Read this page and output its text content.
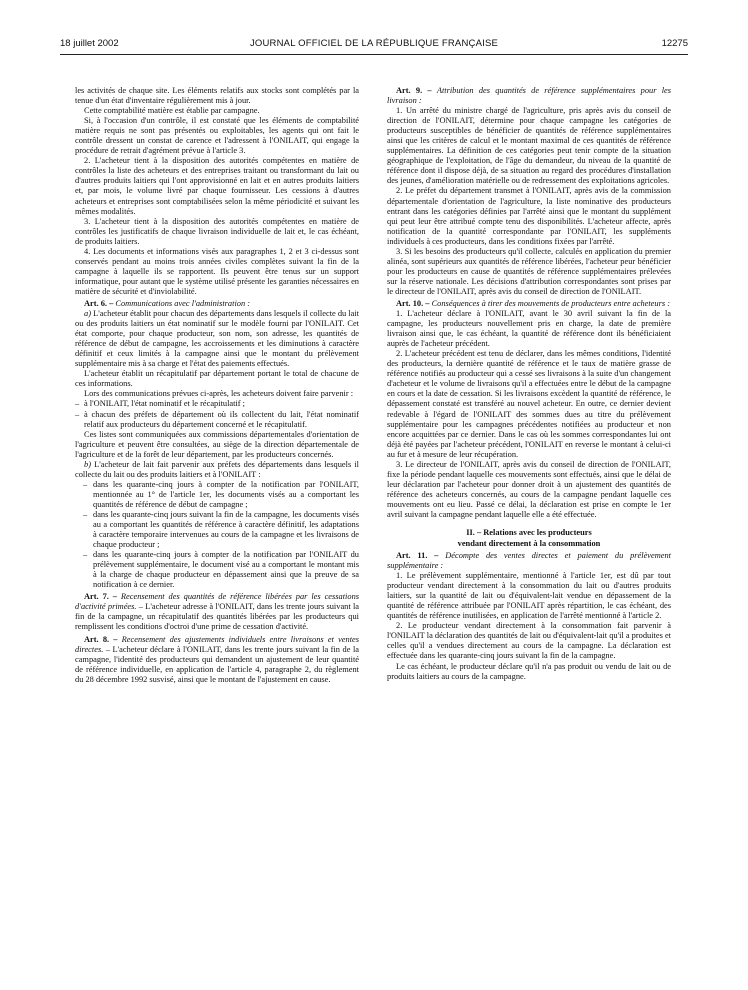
18 juillet 2002	JOURNAL OFFICIEL DE LA RÉPUBLIQUE FRANÇAISE	12275

les activités de chaque site. Les éléments relatifs aux stocks sont complétés par la tenue d'un état d'inventaire régulièrement mis à jour.

Cette comptabilité matière est établie par campagne.

Si, à l'occasion d'un contrôle, il est constaté que les éléments de comptabilité matière requis ne sont pas présentés ou exploitables, les agents qui ont fait le contrôle dressent un constat de carence et l'adressent à l'ONILAIT, qui engage la procédure de retrait d'agrément prévue à l'article 3.

2. L'acheteur tient à la disposition des autorités compétentes en matière de contrôles la liste des acheteurs et des entreprises traitant ou transformant du lait ou d'autres produits laitiers qui l'ont approvisionné en lait et en autres produits laitiers et, par mois, le volume livré par chaque fournisseur. Les cessions à d'autres acheteurs et entreprises sont comptabilisées selon la même périodicité et suivant les mêmes modalités.

3. L'acheteur tient à la disposition des autorités compétentes en matière de contrôles les justificatifs de chaque livraison individuelle de lait et, le cas échéant, de produits laitiers.

4. Les documents et informations visés aux paragraphes 1, 2 et 3 ci-dessus sont conservés pendant au moins trois années civiles complètes suivant la fin de la campagne à laquelle ils se rapportent. Ils peuvent être tenus sur un support informatique, pour autant que le système utilisé présente les garanties nécessaires en matière de sécurité et d'inviolabilité.

Art. 6. – Communications avec l'administration :

a) L'acheteur établit pour chacun des départements dans lesquels il collecte du lait ou des produits laitiers un état nominatif sur le modèle fourni par l'ONILAIT. Cet état comporte, pour chaque producteur, son nom, son adresse, les quantités de référence de début de campagne, les accroissements et les diminutions à caractère définitif et ceux limités à la campagne ainsi que le montant du prélèvement supplémentaire mis à sa charge et l'état des paiements effectués.

L'acheteur établit un récapitulatif par département portant le total de chacune de ces informations.

Lors des communications prévues ci-après, les acheteurs doivent faire parvenir :

– à l'ONILAIT, l'état nominatif et le récapitulatif ;
– à chacun des préfets de département où ils collectent du lait, l'état nominatif relatif aux producteurs du département concerné et le récapitulatif.

Ces listes sont communiquées aux commissions départementales d'orientation de l'agriculture et peuvent être consultées, au siège de la direction départementale de l'agriculture et de la forêt de leur département, par les producteurs concernés.

b) L'acheteur de lait fait parvenir aux préfets des départements dans lesquels il collecte du lait ou des produits laitiers et à l'ONILAIT :

– dans les quarante-cinq jours à compter de la notification par l'ONILAIT, mentionnée au 1° de l'article 1er, les documents visés au a comportant les quantités de référence de début de campagne ;
– dans les quarante-cinq jours suivant la fin de la campagne, les documents visés au a comportant les quantités de référence à caractère définitif, les adaptations à caractère temporaire intervenues au cours de la campagne et les livraisons de chaque producteur ;
– dans les quarante-cinq jours à compter de la notification par l'ONILAIT du prélèvement supplémentaire, le document visé au a comportant le montant mis à la charge de chaque producteur en dépassement ainsi que la preuve de sa notification à ce dernier.

Art. 7. – Recensement des quantités de référence libérées par les cessations d'activité primées. – L'acheteur adresse à l'ONILAIT, dans les trente jours suivant la fin de la campagne, un récapitulatif des quantités libérées par les producteurs qui remplissent les conditions d'octroi d'une prime de cessation d'activité.

Art. 8. – Recensement des ajustements individuels entre livraisons et ventes directes. – L'acheteur déclare à l'ONILAIT, dans les trente jours suivant la fin de la campagne, l'identité des producteurs qui demandent un ajustement de leur quantité de référence individuelle, en application de l'article 4, paragraphe 2, du règlement du 28 décembre 1992 susvisé, ainsi que le montant de l'ajustement en cause.

Art. 9. – Attribution des quantités de référence supplémentaires pour les livraison :

1. Un arrêté du ministre chargé de l'agriculture, pris après avis du conseil de direction de l'ONILAIT, détermine pour chaque campagne les catégories de producteurs susceptibles de bénéficier de quantités de référence supplémentaires ainsi que les critères de calcul et le montant maximal de ces quantités de référence supplémentaires. La définition de ces catégories peut tenir compte de la situation géographique de l'exploitation, de l'âge du demandeur, du niveau de la quantité de référence dont il dispose déjà, de sa situation au regard des procédures d'installation des jeunes, d'amélioration matérielle ou de redressement des exploitations agricoles.

2. Le préfet du département transmet à l'ONILAIT, après avis de la commission départementale d'orientation de l'agriculture, la liste nominative des producteurs entrant dans les catégories définies par l'arrêté ainsi que le montant du supplément qui peut leur être attribué compte tenu des disponibilités. L'acheteur affecte, après notification de la quantité correspondante par l'ONILAIT, les suppléments individuels à ces producteurs, dans les conditions fixées par l'arrêté.

3. Si les besoins des producteurs qu'il collecte, calculés en application du premier alinéa, sont supérieurs aux quantités de référence libérées, l'acheteur peur bénéficier pour les producteurs en cause de quantités de référence supplémentaires prélevées sur la réserve nationale. Les décisions d'attribution correspondantes sont prises par le directeur de l'ONILAIT, après avis du conseil de direction de l'ONILAIT.

Art. 10. – Conséquences à tirer des mouvements de producteurs entre acheteurs :

1. L'acheteur déclare à l'ONILAIT, avant le 30 avril suivant la fin de la campagne, les producteurs nouvellement pris en charge, la date de première livraison ainsi que, le cas échéant, la quantité de référence dont ils bénéficiaient auprès de l'acheteur précédent.

2. L'acheteur précédent est tenu de déclarer, dans les mêmes conditions, l'identité des producteurs, la dernière quantité de référence et le taux de matière grasse de référence notifiés au producteur qui a cessé ses livraisons à la suite d'un changement d'acheteur et le volume de livraisons qu'il a effectuées entre le début de la campagne en cours et la date de cessation. Si les livraisons excèdent la quantité de référence, le dépassement constaté est transféré au nouvel acheteur. En outre, ce dernier devient redevable à l'égard de l'ONILAIT des sommes dues au titre du prélèvement supplémentaire pour les campagnes précédentes notifiées au producteur et non encore acquittées par ce dernier. Dans le cas où les sommes correspondantes lui ont déjà été payées par l'acheteur précédent, l'ONILAIT en reverse le montant à celui-ci au fur et à mesure de leur récupération.

3. Le directeur de l'ONILAIT, après avis du conseil de direction de l'ONILAIT, fixe la période pendant laquelle ces mouvements sont effectués, ainsi que le délai de leur déclaration par l'acheteur pour donner droit à un ajustement des quantités de référence des acheteurs concernés, au cours de la campagne pendant laquelle ces mouvements ont eu lieu. Passé ce délai, la déclaration est prise en compte le 1er avril suivant la campagne pendant laquelle elle a été effectuée.

II. – Relations avec les producteurs
vendant directement à la consommation

Art. 11. – Décompte des ventes directes et paiement du prélèvement supplémentaire :

1. Le prélèvement supplémentaire, mentionné à l'article 1er, est dû par tout producteur vendant directement à la consommation du lait ou d'autres produits laitiers, sur la quantité de lait ou d'équivalent-lait vendue en dépassement de la quantité de référence attribuée par l'ONILAIT après répartition, le cas échéant, des quantités de référence inutilisées, en application de l'arrêté mentionné à l'article 2.

2. Le producteur vendant directement à la consommation fait parvenir à l'ONILAIT la déclaration des quantités de lait ou d'équivalent-lait qu'il a produites et celles qu'il a vendues directement au cours de la campagne. La déclaration est effectuée dans les quarante-cinq jours suivant la fin de la campagne.

Le cas échéant, le producteur déclare qu'il n'a pas produit ou vendu de lait ou de produits laitiers au cours de la campagne.
